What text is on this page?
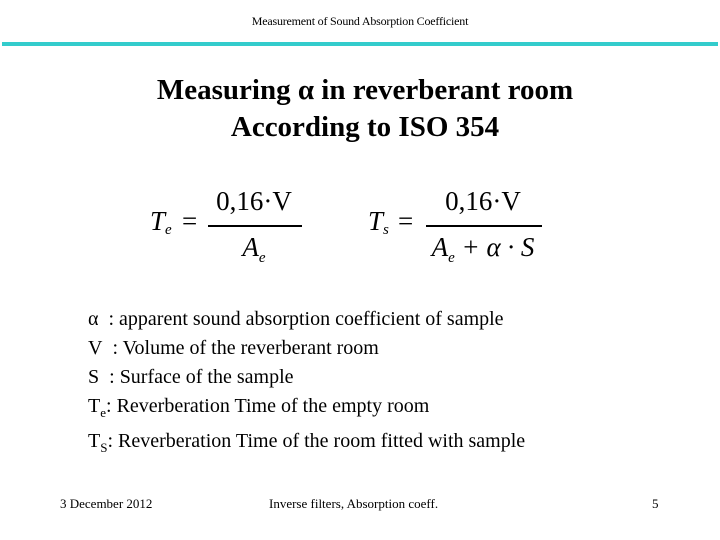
Measurement of Sound Absorption Coefficient
Measuring α in reverberant room
According to ISO 354
$T_e$ =
0,16·V
$A_e$
$T_s$ =
0,16·V
$A_e + \alpha \cdot S$
α  : apparent sound absorption coefficient of sample
V  : Volume of the reverberant room
S  : Surface of the sample
$T_e$: Reverberation Time of the empty room
$T_S$: Reverberation Time of the room fitted with sample
3 December 2012	Inverse filters, Absorption coeff.	5
